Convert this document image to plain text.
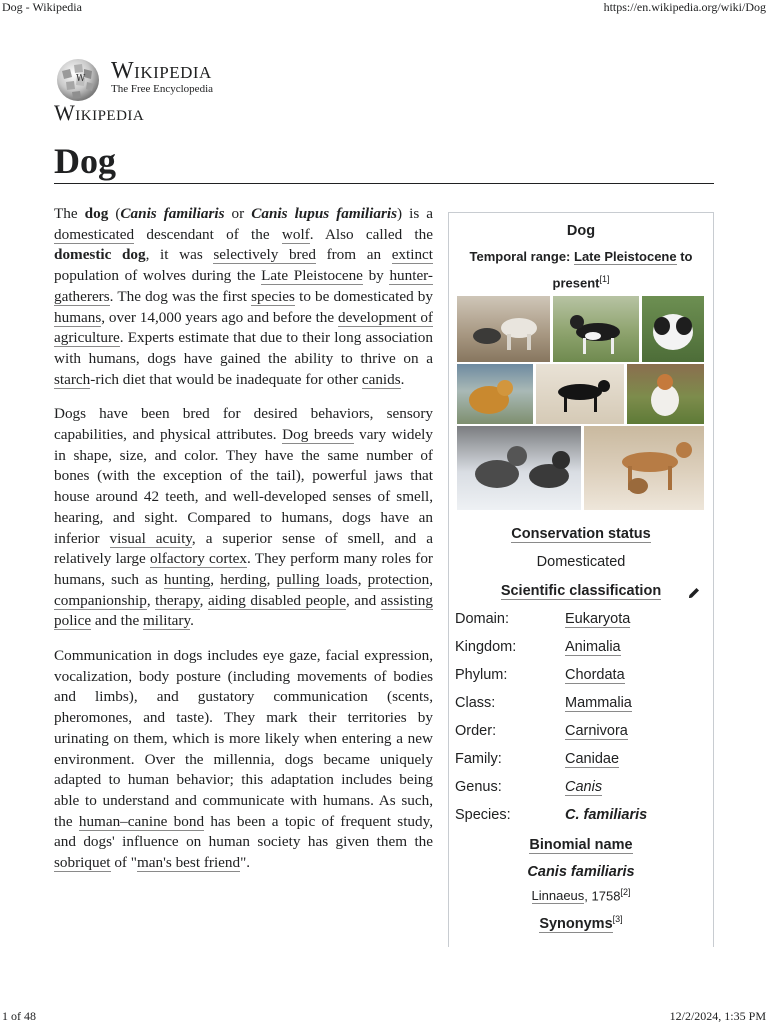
Dog - Wikipedia	https://en.wikipedia.org/wiki/Dog
W Wikipedia
The Free Encyclopedia
Wikipedia
Dog

The dog (Canis familiaris or Canis lupus familiaris) is a domesticated descendant of the wolf. Also called the domestic dog, it was selectively bred from an extinct population of wolves during the Late Pleistocene by hunter-gatherers. The dog was the first species to be domesticated by humans, over 14,000 years ago and before the development of agriculture. Experts estimate that due to their long association with humans, dogs have gained the ability to thrive on a starch-rich diet that would be inadequate for other canids.

Dogs have been bred for desired behaviors, sensory capabilities, and physical attributes. Dog breeds vary widely in shape, size, and color. They have the same number of bones (with the exception of the tail), powerful jaws that house around 42 teeth, and well-developed senses of smell, hearing, and sight. Compared to humans, dogs have an inferior visual acuity, a superior sense of smell, and a relatively large olfactory cortex. They perform many roles for humans, such as hunting, herding, pulling loads, protection, companionship, therapy, aiding disabled people, and assisting police and the military.

Communication in dogs includes eye gaze, facial expression, vocalization, body posture (including movements of bodies and limbs), and gustatory communication (scents, pheromones, and taste). They mark their territories by urinating on them, which is more likely when entering a new environment. Over the millennia, dogs became uniquely adapted to human behavior; this adaptation includes being able to understand and communicate with humans. As such, the human–canine bond has been a topic of frequent study, and dogs' influence on human society has given them the sobriquet of "man's best friend".

Dog
Temporal range: Late Pleistocene to present[1]
Conservation status
Domesticated
Scientific classification
Domain:	Eukaryota
Kingdom:	Animalia
Phylum:	Chordata
Class:	Mammalia
Order:	Carnivora
Family:	Canidae
Genus:	Canis
Species:	C. familiaris
Binomial name
Canis familiaris
Linnaeus, 1758[2]
Synonyms[3]
1 of 48	12/2/2024, 1:35 PM
